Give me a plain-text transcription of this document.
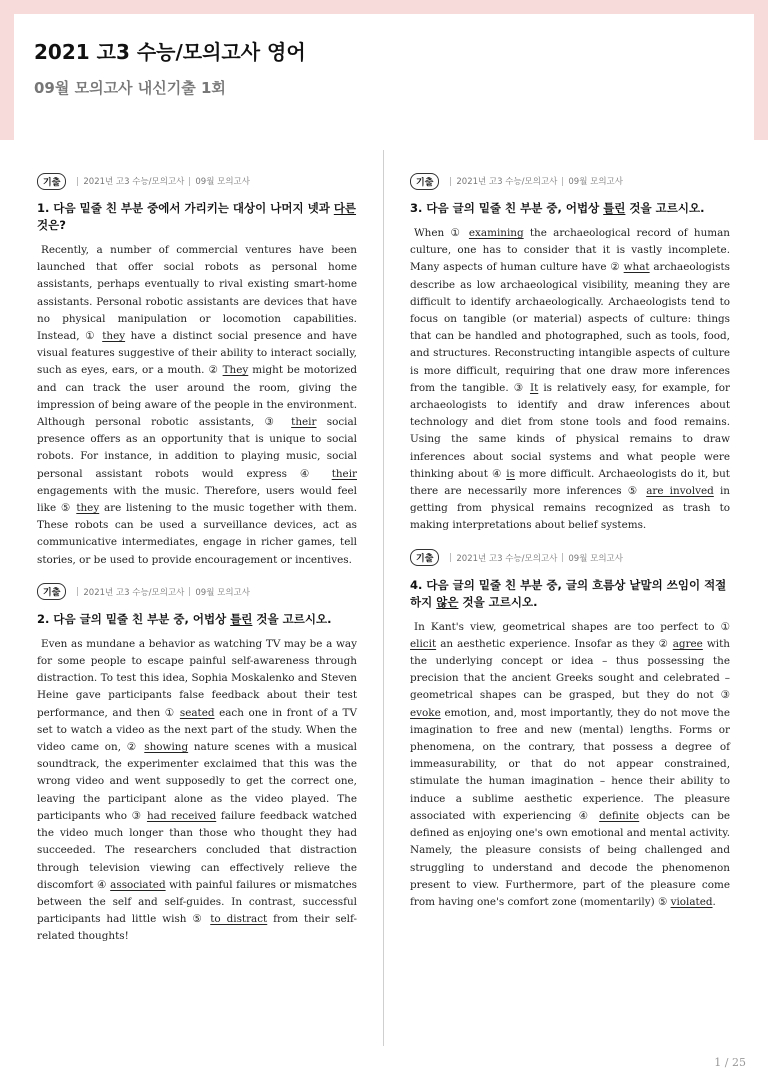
2021 고3 수능/모의고사 영어
09월 모의고사 내신기출 1회
기출	2021년 고3 수능/모의고사 09월 모의고사

1. 다음 밑줄 친 부분 중에서 가리키는 대상이 나머지 넷과 다른 것은?

Recently, a number of commercial ventures have been launched that offer social robots as personal home assistants, perhaps eventually to rival existing smart-home assistants. Personal robotic assistants are devices that have no physical manipulation or locomotion capabilities. Instead, ① they have a distinct social presence and have visual features suggestive of their ability to interact socially, such as eyes, ears, or a mouth. ② They might be motorized and can track the user around the room, giving the impression of being aware of the people in the environment. Although personal robotic assistants, ③ their social presence offers as an opportunity that is unique to social robots. For instance, in addition to playing music, social personal assistant robots would express ④ their engagements with the music. Therefore, users would feel like ⑤ they are listening to the music together with them. These robots can be used a surveillance devices, act as communicative intermediates, engage in richer games, tell stories, or be used to provide encouragement or incentives.

기출	2021년 고3 수능/모의고사 09월 모의고사

2. 다음 글의 밑줄 친 부분 중, 어법상 틀린 것을 고르시오.

Even as mundane a behavior as watching TV may be a way for some people to escape painful self-awareness through distraction. To test this idea, Sophia Moskalenko and Steven Heine gave participants false feedback about their test performance, and then ① seated each one in front of a TV set to watch a video as the next part of the study. When the video came on, ② showing nature scenes with a musical soundtrack, the experimenter exclaimed that this was the wrong video and went supposedly to get the correct one, leaving the participant alone as the video played. The participants who ③ had received failure feedback watched the video much longer than those who thought they had succeeded. The researchers concluded that distraction through television viewing can effectively relieve the discomfort ④ associated with painful failures or mismatches between the self and self-guides. In contrast, successful participants had little wish ⑤ to distract from their self-related thoughts!

기출	2021년 고3 수능/모의고사 09월 모의고사

3. 다음 글의 밑줄 친 부분 중, 어법상 틀린 것을 고르시오.

When ① examining the archaeological record of human culture, one has to consider that it is vastly incomplete. Many aspects of human culture have ② what archaeologists describe as low archaeological visibility, meaning they are difficult to identify archaeologically. Archaeologists tend to focus on tangible (or material) aspects of culture: things that can be handled and photographed, such as tools, food, and structures. Reconstructing intangible aspects of culture is more difficult, requiring that one draw more inferences from the tangible. ③ It is relatively easy, for example, for archaeologists to identify and draw inferences about technology and diet from stone tools and food remains. Using the same kinds of physical remains to draw inferences about social systems and what people were thinking about ④ is more difficult. Archaeologists do it, but there are necessarily more inferences ⑤ are involved in getting from physical remains recognized as trash to making interpretations about belief systems.

기출	2021년 고3 수능/모의고사 09월 모의고사

4. 다음 글의 밑줄 친 부분 중, 글의 흐름상 낱말의 쓰임이 적절하지 않은 것을 고르시오.

In Kant's view, geometrical shapes are too perfect to ① elicit an aesthetic experience. Insofar as they ② agree with the underlying concept or idea – thus possessing the precision that the ancient Greeks sought and celebrated – geometrical shapes can be grasped, but they do not ③ evoke emotion, and, most importantly, they do not move the imagination to free and new (mental) lengths. Forms or phenomena, on the contrary, that possess a degree of immeasurability, or that do not appear constrained, stimulate the human imagination – hence their ability to induce a sublime aesthetic experience. The pleasure associated with experiencing ④ definite objects can be defined as enjoying one's own emotional and mental activity. Namely, the pleasure consists of being challenged and struggling to understand and decode the phenomenon present to view. Furthermore, part of the pleasure come from having one's comfort zone (momentarily) ⑤ violated.

1 / 25
